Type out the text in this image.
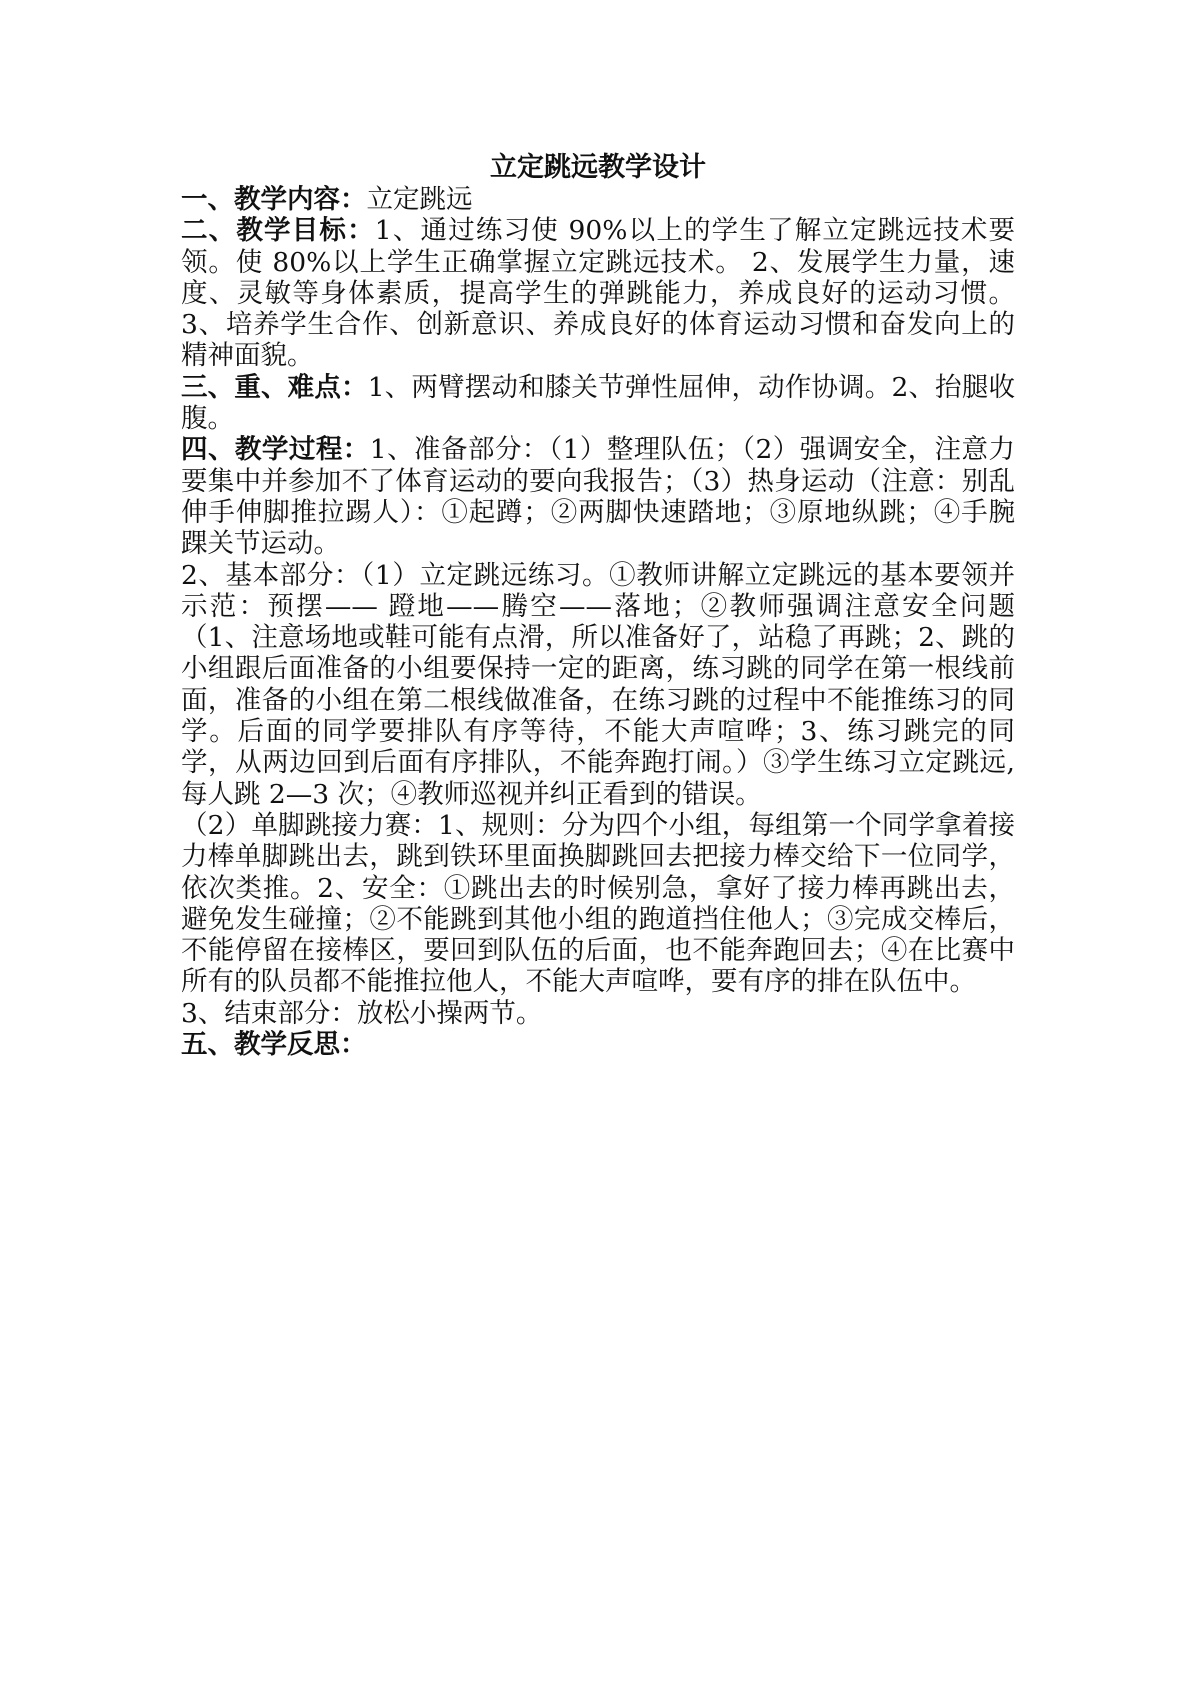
立定跳远教学设计

一、教学内容：立定跳远

二、教学目标：1、通过练习使 90%以上的学生了解立定跳远技术要领。使 80%以上学生正确掌握立定跳远技术。 2、发展学生力量，速度、灵敏等身体素质，提高学生的弹跳能力，养成良好的运动习惯。3、培养学生合作、创新意识、养成良好的体育运动习惯和奋发向上的精神面貌。

三、重、难点：1、两臂摆动和膝关节弹性屈伸，动作协调。2、抬腿收腹。

四、教学过程：1、准备部分：（1）整理队伍；（2）强调安全，注意力要集中并参加不了体育运动的要向我报告；（3）热身运动（注意：别乱伸手伸脚推拉踢人）：①起蹲；②两脚快速踏地；③原地纵跳；④手腕踝关节运动。

2、基本部分：（1）立定跳远练习。①教师讲解立定跳远的基本要领并示范：预摆—— 蹬地——腾空——落地；②教师强调注意安全问题（1、注意场地或鞋可能有点滑，所以准备好了，站稳了再跳；2、跳的小组跟后面准备的小组要保持一定的距离，练习跳的同学在第一根线前面，准备的小组在第二根线做准备，在练习跳的过程中不能推练习的同学。后面的同学要排队有序等待，不能大声喧哗；3、练习跳完的同学，从两边回到后面有序排队，不能奔跑打闹。）③学生练习立定跳远,每人跳 2—3 次；④教师巡视并纠正看到的错误。

（2）单脚跳接力赛：1、规则：分为四个小组，每组第一个同学拿着接力棒单脚跳出去，跳到铁环里面换脚跳回去把接力棒交给下一位同学，依次类推。2、安全：①跳出去的时候别急，拿好了接力棒再跳出去，避免发生碰撞；②不能跳到其他小组的跑道挡住他人；③完成交棒后，不能停留在接棒区，要回到队伍的后面，也不能奔跑回去；④在比赛中所有的队员都不能推拉他人，不能大声喧哗，要有序的排在队伍中。

3、结束部分：放松小操两节。

五、教学反思：
